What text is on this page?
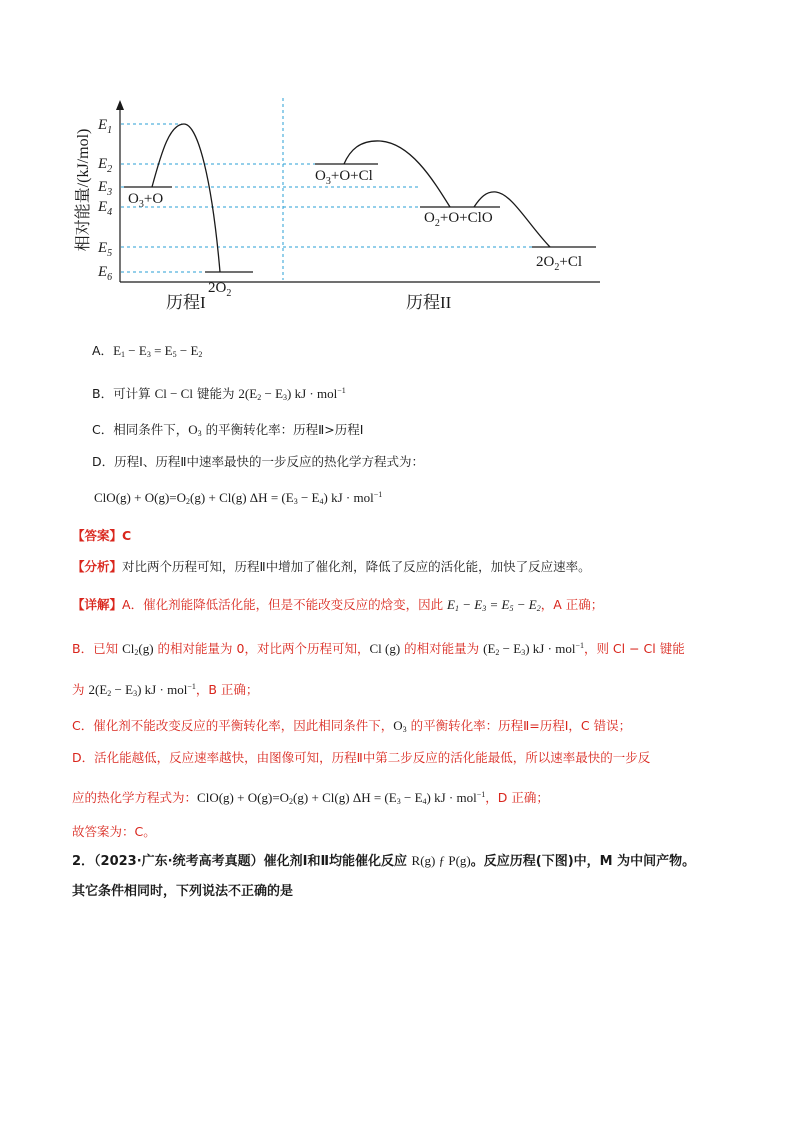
相对能量/(kJ/mol)
$E_1$
$E_2$
$E_3$
$E_4$
$E_5$
$E_6$
$O_3+O$
$O_3+O+Cl$
$O_2+O+ClO$
$2O_2+Cl$
$2O_2$
历程I	历程II
A．$E_1 - E_3 = E_5 - E_2$
B．可计算 Cl − Cl 键能为 $2(E_2 - E_3)$ kJ · mol$^{-1}$
C．相同条件下，$O_3$ 的平衡转化率：历程Ⅱ>历程Ⅰ
D．历程Ⅰ、历程Ⅱ中速率最快的一步反应的热化学方程式为：
$ClO(g) + O(g)=O_2(g) + Cl(g) \Delta H = (E_3 - E_4)$ kJ · mol$^{-1}$
【答案】C
【分析】对比两个历程可知，历程Ⅱ中增加了催化剂，降低了反应的活化能，加快了反应速率。
【详解】A．催化剂能降低活化能，但是不能改变反应的焓变，因此 $E_1 - E_3 = E_5 - E_2$，A 正确；
B．已知 $Cl_2(g)$ 的相对能量为 0，对比两个历程可知，Cl (g) 的相对能量为 $(E_2 - E_3)$ kJ · mol$^{-1}$，则 Cl − Cl 键能
为 $2(E_2 - E_3)$ kJ · mol$^{-1}$，B 正确；
C．催化剂不能改变反应的平衡转化率，因此相同条件下，$O_3$ 的平衡转化率：历程Ⅱ=历程Ⅰ，C 错误；
D．活化能越低，反应速率越快，由图像可知，历程Ⅱ中第二步反应的活化能最低，所以速率最快的一步反
应的热化学方程式为：$ClO(g) + O(g)=O_2(g) + Cl(g) \Delta H = (E_3 - E_4)$ kJ · mol$^{-1}$，D 正确；
故答案为：C。
2．（2023·广东·统考高考真题）催化剂Ⅰ和Ⅱ均能催化反应 R(g) ƒ P(g)。反应历程(下图)中，M 为中间产物。
其它条件相同时，下列说法不正确的是
